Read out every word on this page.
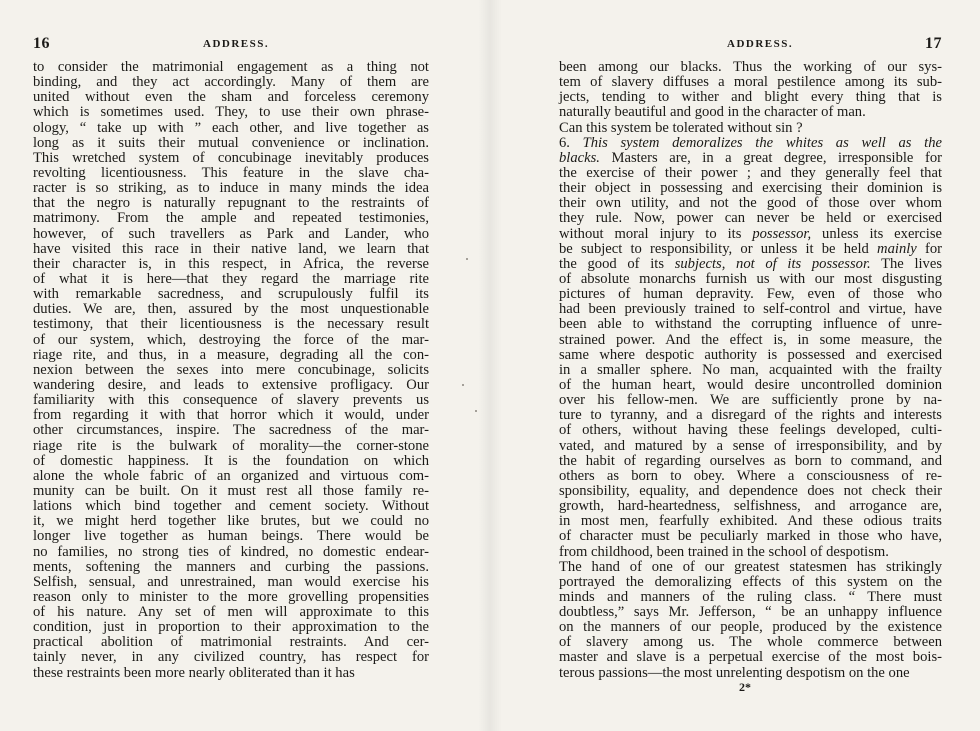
16	ADDRESS.
to consider the matrimonial engagement as a thing not
binding, and they act accordingly. Many of them are
united without even the sham and forceless ceremony
which is sometimes used. They, to use their own phrase-
ology, “ take up with ” each other, and live together as
long as it suits their mutual convenience or inclination.
This wretched system of concubinage inevitably produces
revolting licentiousness. This feature in the slave cha-
racter is so striking, as to induce in many minds the idea
that the negro is naturally repugnant to the restraints of
matrimony. From the ample and repeated testimonies,
however, of such travellers as Park and Lander, who
have visited this race in their native land, we learn that
their character is, in this respect, in Africa, the reverse
of what it is here—that they regard the marriage rite
with remarkable sacredness, and scrupulously fulfil its
duties. We are, then, assured by the most unquestionable
testimony, that their licentiousness is the necessary result
of our system, which, destroying the force of the mar-
riage rite, and thus, in a measure, degrading all the con-
nexion between the sexes into mere concubinage, solicits
wandering desire, and leads to extensive profligacy. Our
familiarity with this consequence of slavery prevents us
from regarding it with that horror which it would, under
other circumstances, inspire. The sacredness of the mar-
riage rite is the bulwark of morality—the corner-stone
of domestic happiness. It is the foundation on which
alone the whole fabric of an organized and virtuous com-
munity can be built. On it must rest all those family re-
lations which bind together and cement society. Without
it, we might herd together like brutes, but we could no
longer live together as human beings. There would be
no families, no strong ties of kindred, no domestic endear-
ments, softening the manners and curbing the passions.
Selfish, sensual, and unrestrained, man would exercise his
reason only to minister to the more grovelling propensities
of his nature. Any set of men will approximate to this
condition, just in proportion to their approximation to the
practical abolition of matrimonial restraints. And cer-
tainly never, in any civilized country, has respect for
these restraints been more nearly obliterated than it has
ADDRESS.	17
been among our blacks. Thus the working of our sys-
tem of slavery diffuses a moral pestilence among its sub-
jects, tending to wither and blight every thing that is
naturally beautiful and good in the character of man.
Can this system be tolerated without sin ?
6. This system demoralizes the whites as well as the
blacks. Masters are, in a great degree, irresponsible for
the exercise of their power ; and they generally feel that
their object in possessing and exercising their dominion is
their own utility, and not the good of those over whom
they rule. Now, power can never be held or exercised
without moral injury to its possessor, unless its exercise
be subject to responsibility, or unless it be held mainly for
the good of its subjects, not of its possessor. The lives
of absolute monarchs furnish us with our most disgusting
pictures of human depravity. Few, even of those who
had been previously trained to self-control and virtue, have
been able to withstand the corrupting influence of unre-
strained power. And the effect is, in some measure, the
same where despotic authority is possessed and exercised
in a smaller sphere. No man, acquainted with the frailty
of the human heart, would desire uncontrolled dominion
over his fellow-men. We are sufficiently prone by na-
ture to tyranny, and a disregard of the rights and interests
of others, without having these feelings developed, culti-
vated, and matured by a sense of irresponsibility, and by
the habit of regarding ourselves as born to command, and
others as born to obey. Where a consciousness of re-
sponsibility, equality, and dependence does not check their
growth, hard-heartedness, selfishness, and arrogance are,
in most men, fearfully exhibited. And these odious traits
of character must be peculiarly marked in those who have,
from childhood, been trained in the school of despotism.
The hand of one of our greatest statesmen has strikingly
portrayed the demoralizing effects of this system on the
minds and manners of the ruling class. “ There must
doubtless,” says Mr. Jefferson, “ be an unhappy influence
on the manners of our people, produced by the existence
of slavery among us. The whole commerce between
master and slave is a perpetual exercise of the most bois-
terous passions—the most unrelenting despotism on the one
2*
